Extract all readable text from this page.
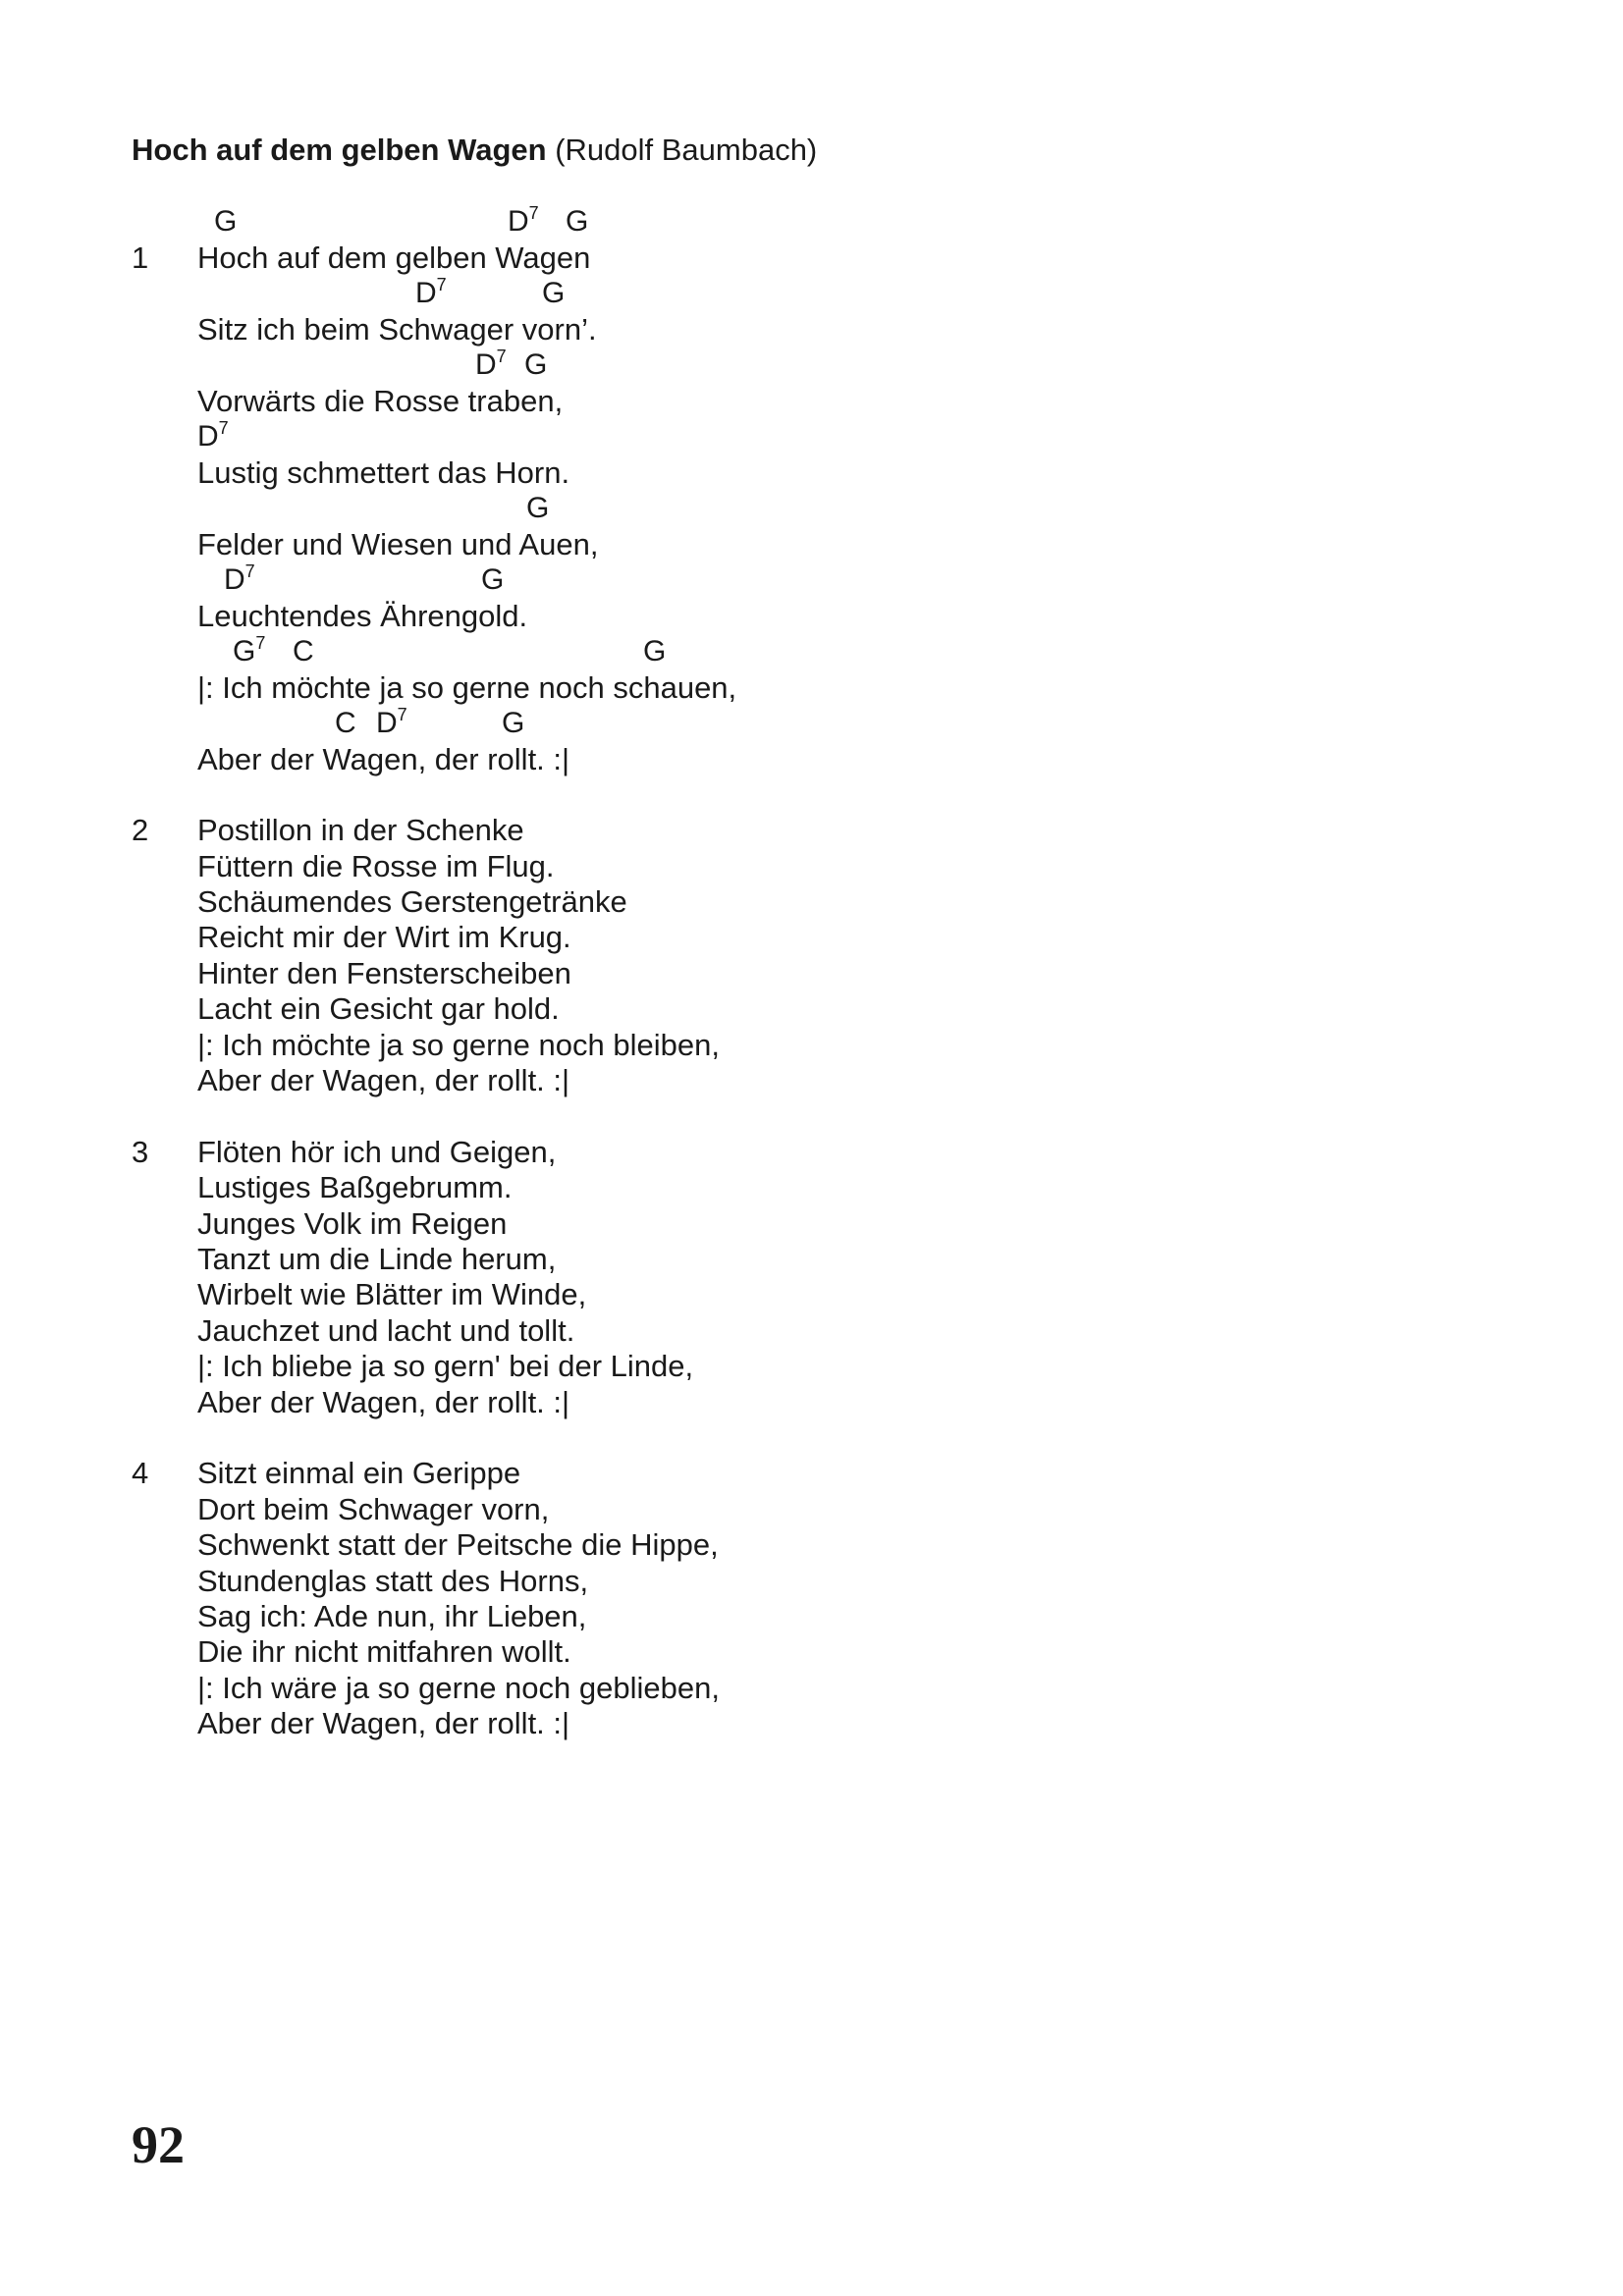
Hoch auf dem gelben Wagen (Rudolf Baumbach)
1
G	$D^7$ G
Hoch auf dem gelben Wagen
$D^7$	G
Sitz ich beim Schwager vorn’.
$D^7$ G
Vorwärts die Rosse traben,
$D^7$
Lustig schmettert das Horn.
G
Felder und Wiesen und Auen,
$D^7$	G
Leuchtendes Ährengold.
$G^7$ C	G
|: Ich möchte ja so gerne noch schauen,
C $D^7$	G
Aber der Wagen, der rollt. :|
2 Postillon in der Schenke
Füttern die Rosse im Flug.
Schäumendes Gerstengetränke
Reicht mir der Wirt im Krug.
Hinter den Fensterscheiben
Lacht ein Gesicht gar hold.
|: Ich möchte ja so gerne noch bleiben,
Aber der Wagen, der rollt. :|
3 Flöten hör ich und Geigen,
Lustiges Baßgebrumm.
Junges Volk im Reigen
Tanzt um die Linde herum,
Wirbelt wie Blätter im Winde,
Jauchzet und lacht und tollt.
|: Ich bliebe ja so gern' bei der Linde,
Aber der Wagen, der rollt. :|
4 Sitzt einmal ein Gerippe
Dort beim Schwager vorn,
Schwenkt statt der Peitsche die Hippe,
Stundenglas statt des Horns,
Sag ich: Ade nun, ihr Lieben,
Die ihr nicht mitfahren wollt.
|: Ich wäre ja so gerne noch geblieben,
Aber der Wagen, der rollt. :|
92
